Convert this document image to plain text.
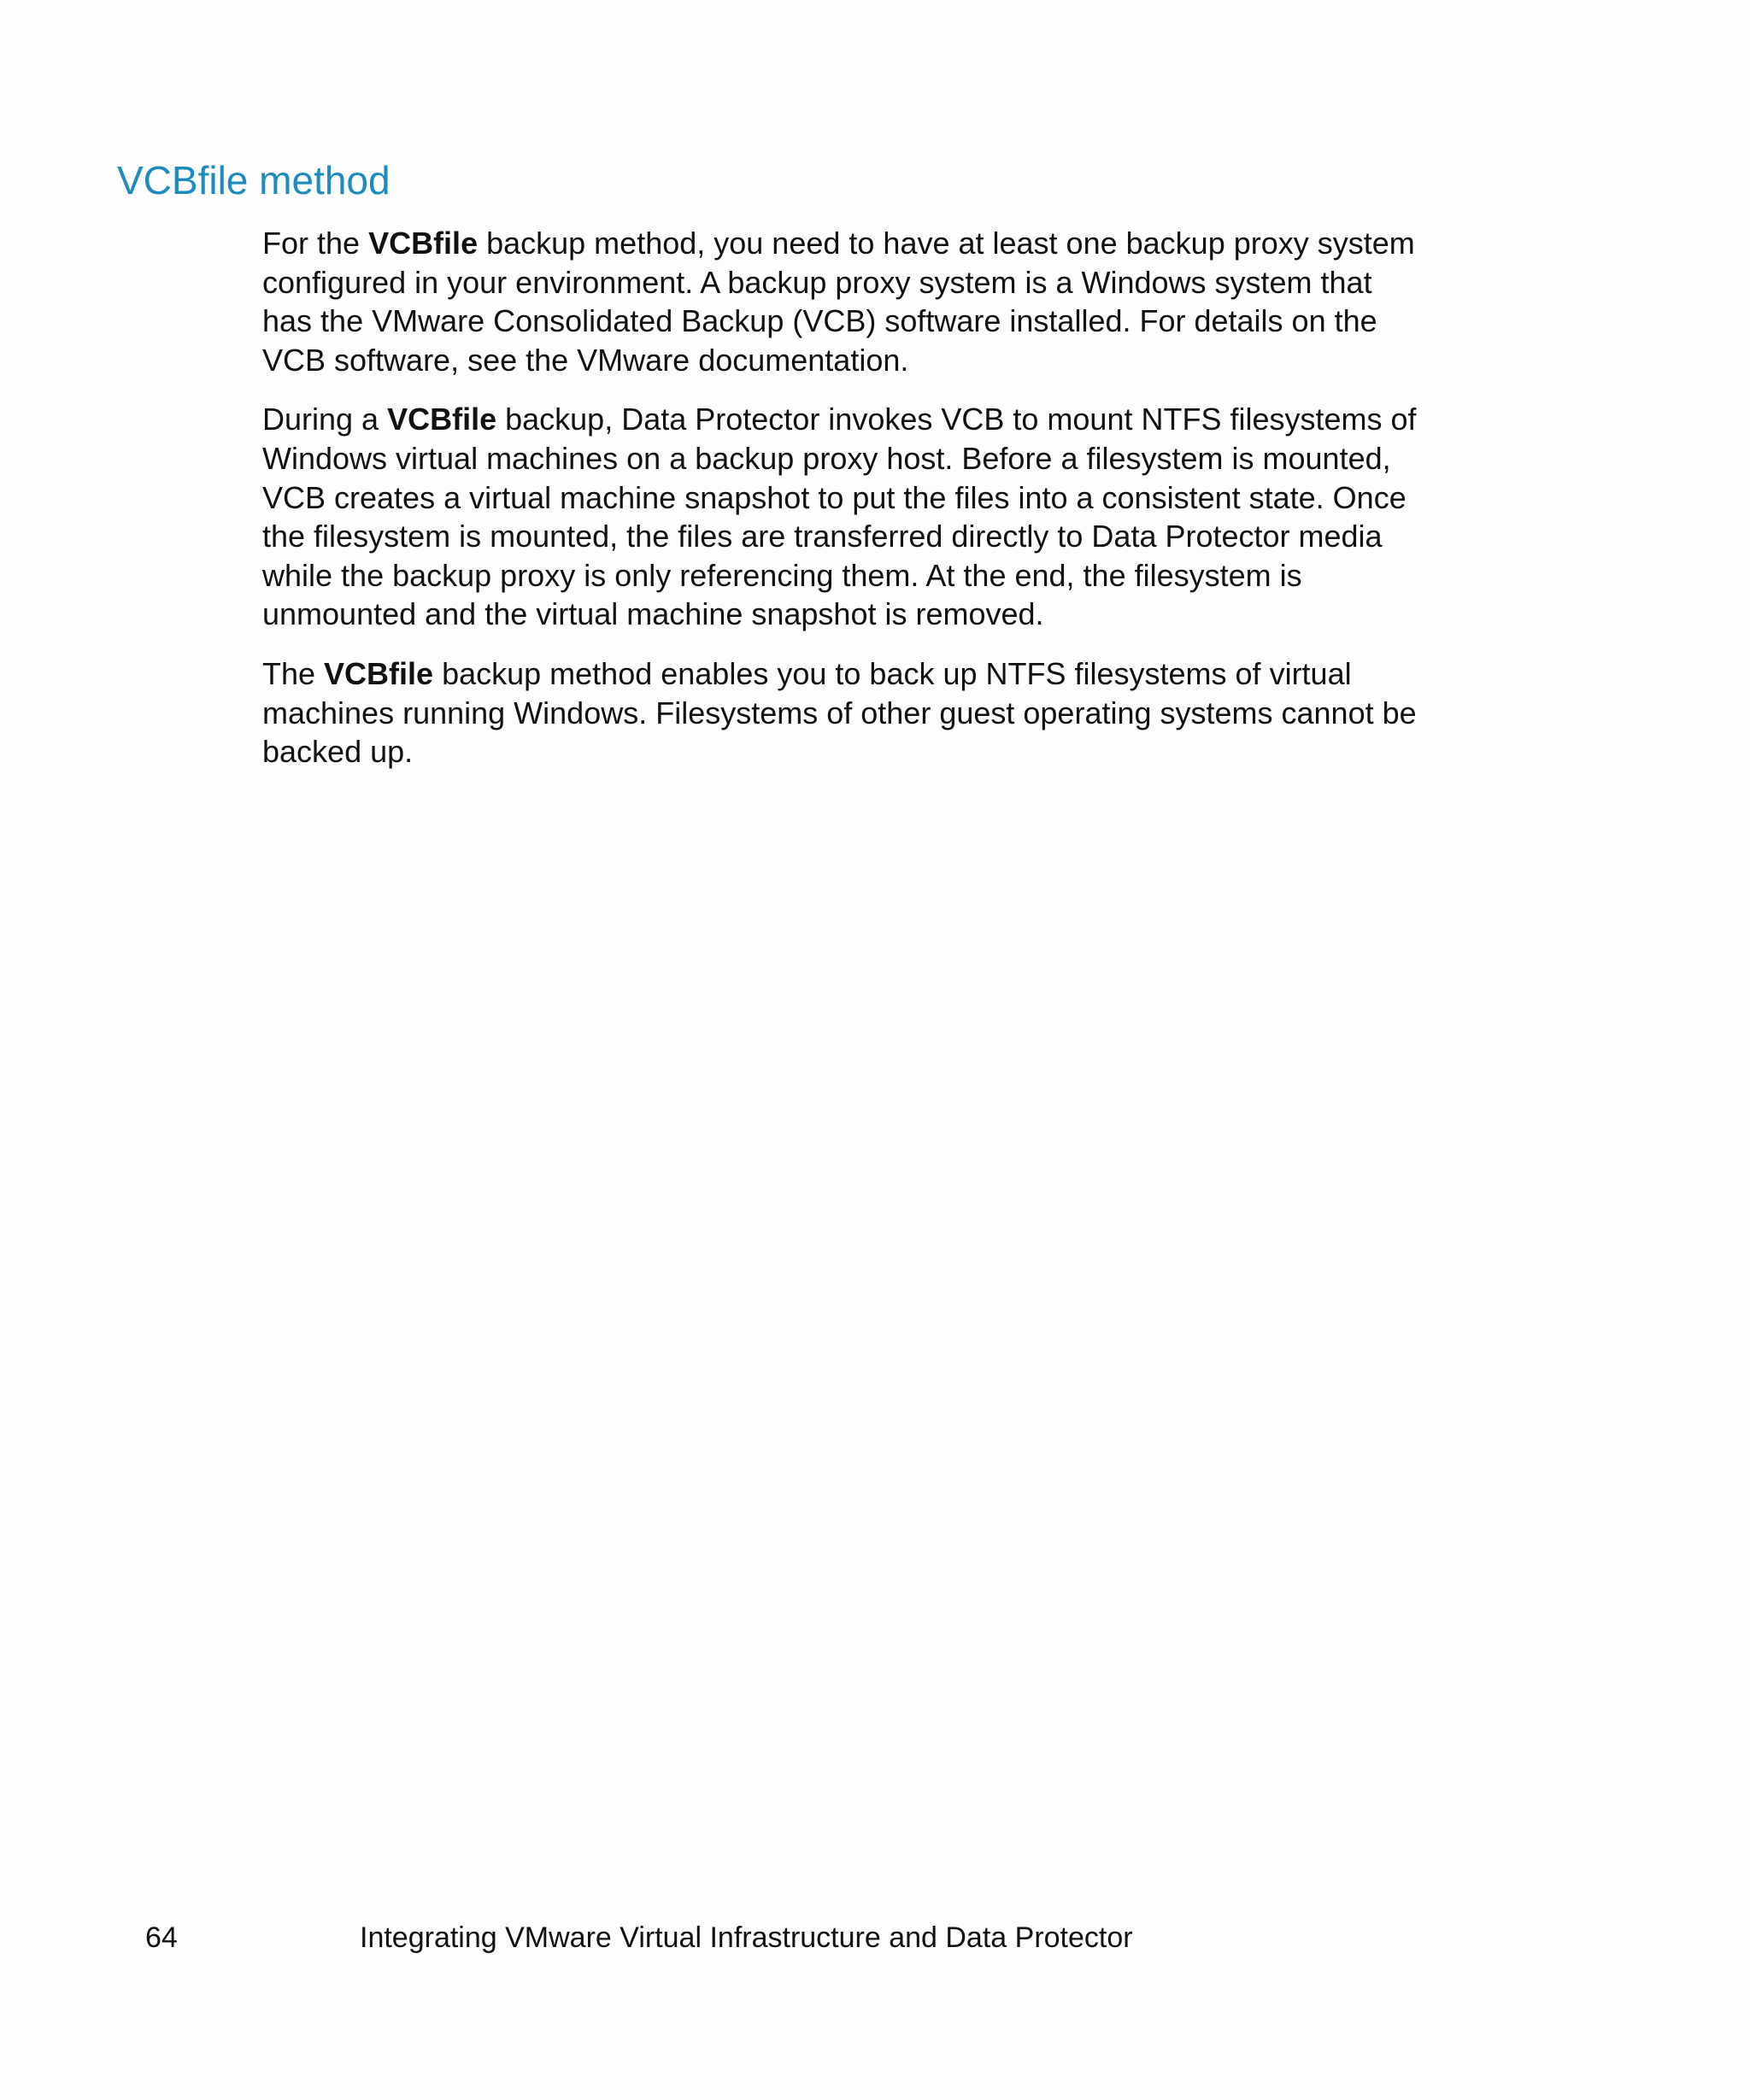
VCBfile method

For the VCBfile backup method, you need to have at least one backup proxy system
configured in your environment. A backup proxy system is a Windows system that
has the VMware Consolidated Backup (VCB) software installed. For details on the
VCB software, see the VMware documentation.

During a VCBfile backup, Data Protector invokes VCB to mount NTFS filesystems of
Windows virtual machines on a backup proxy host. Before a filesystem is mounted,
VCB creates a virtual machine snapshot to put the files into a consistent state. Once
the filesystem is mounted, the files are transferred directly to Data Protector media
while the backup proxy is only referencing them. At the end, the filesystem is
unmounted and the virtual machine snapshot is removed.

The VCBfile backup method enables you to back up NTFS filesystems of virtual
machines running Windows. Filesystems of other guest operating systems cannot be
backed up.

64	Integrating VMware Virtual Infrastructure and Data Protector
